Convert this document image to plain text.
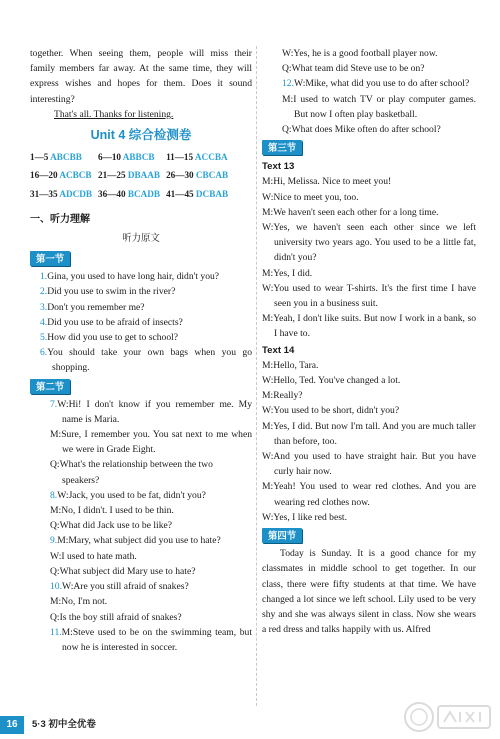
together. When seeing them, people will miss their family members far away. At the same time, they will express wishes and hopes for them. Does it sound interesting?

That's all. Thanks for listening.

Unit 4 综合检测卷
1—5 ABCBB	6—10 ABBCB	11—15 ACCBA
16—20 ACBCB	21—25 DBAAB	26—30 CBCAB
31—35 ADCDB	36—40 BCADB	41—45 DCBAB
一、听力理解
听力原文
第一节

1.Gina, you used to have long hair, didn't you?

2.Did you use to swim in the river?

3.Don't you remember me?

4.Did you use to be afraid of insects?

5.How did you use to get to school?

6.You should take your own bags when you go shopping.

第二节

7.W:Hi! I don't know if you remember me. My name is Maria.

M:Sure, I remember you. You sat next to me when we were in Grade Eight.

Q:What's the relationship between the two speakers?

8.W:Jack, you used to be fat, didn't you?

M:No, I didn't. I used to be thin.

Q:What did Jack use to be like?

9.M:Mary, what subject did you use to hate?

W:I used to hate math.

Q:What subject did Mary use to hate?

10.W:Are you still afraid of snakes?

M:No, I'm not.

Q:Is the boy still afraid of snakes?

11.M:Steve used to be on the swimming team, but now he is interested in soccer.

W:Yes, he is a good football player now.

Q:What team did Steve use to be on?

12.W:Mike, what did you use to do after school?

M:I used to watch TV or play computer games. But now I often play basketball.

Q:What does Mike often do after school?

第三节
Text 13

M:Hi, Melissa. Nice to meet you!

W:Nice to meet you, too.

M:We haven't seen each other for a long time.

W:Yes, we haven't seen each other since we left university two years ago. You used to be a little fat, didn't you?

M:Yes, I did.

W:You used to wear T-shirts. It's the first time I have seen you in a business suit.

M:Yeah, I don't like suits. But now I work in a bank, so I have to.

Text 14

M:Hello, Tara.

W:Hello, Ted. You've changed a lot.

M:Really?

W:You used to be short, didn't you?

M:Yes, I did. But now I'm tall. And you are much taller than before, too.

W:And you used to have straight hair. But you have curly hair now.

M:Yeah! You used to wear red clothes. And you are wearing red clothes now.

W:Yes, I like red best.

第四节

Today is Sunday. It is a good chance for my classmates in middle school to get together. In our class, there were fifty students at that time. We have changed a lot since we left school. Lily used to be very shy and she was always silent in class. Now she wears a red dress and talks happily with us. Alfred

16	5·3 初中全优卷
